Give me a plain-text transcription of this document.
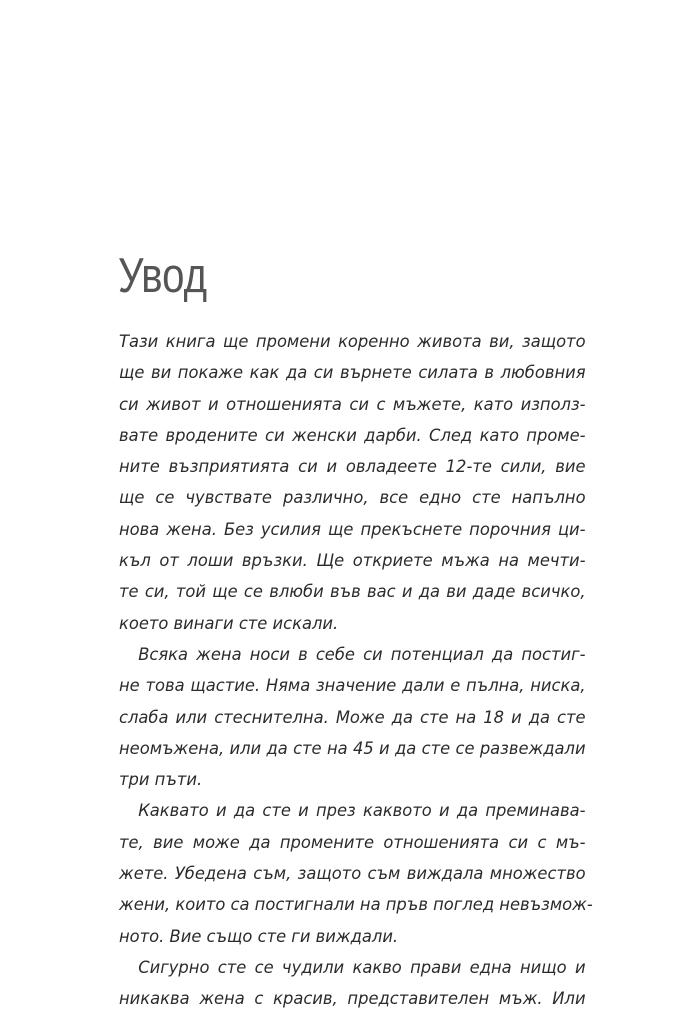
Увод
Тази книга ще промени коренно живота ви, защото
ще ви покаже как да си върнете силата в любовния
си живот и отношенията си с мъжете, като използ-
вате вродените си женски дарби. След като проме-
ните възприятията си и овладеете 12-те сили, вие
ще се чувствате различно, все едно сте напълно
нова жена. Без усилия ще прекъснете порочния ци-
къл от лоши връзки. Ще откриете мъжа на мечти-
те си, той ще се влюби във вас и да ви даде всичко,
което винаги сте искали.
Всяка жена носи в себе си потенциал да постиг-
не това щастие. Няма значение дали е пълна, ниска,
слаба или стеснителна. Може да сте на 18 и да сте
неомъжена, или да сте на 45 и да сте се развеждали
три пъти.
Каквато и да сте и през каквото и да преминава-
те, вие може да промените отношенията си с мъ-
жете. Убедена съм, защото съм виждала множество
жени, които са постигнали на пръв поглед невъзмож-
ното. Вие също сте ги виждали.
Сигурно сте се чудили какво прави една нищо и
никаква жена с красив, представителен мъж. Или
